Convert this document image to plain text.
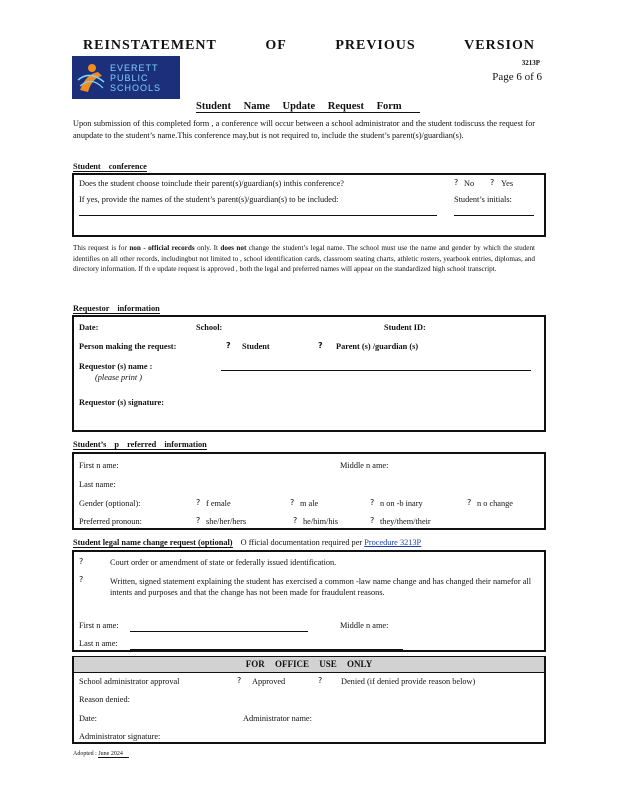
REINSTATEMENT	OF	PREVIOUS	VERSION
EVERETT
PUBLIC
SCHOOLS
3213P
Page 6 of 6
Student Name Update Request Form
Upon submission of this completed form , a conference will occur between a school administrator and the student todiscuss the request for anupdate to the student’s name.This conference may,but is not required to, include the student’s parent(s)/guardian(s).
Student conference
Does the student choose toinclude their parent(s)/guardian(s) inthis conference?	? No ? Yes
If yes, provide the names of the student’s parent(s)/guardian(s) to be included:	Student’s initials:
This request is for non - official records only. It does not change the student’s legal name. The school must use the name and gender by which the student identifies on all other records, includingbut not limited to , school identification cards, classroom seating charts, athletic rosters, yearbook entries, diplomas, and directory information. If th e update request is approved , both the legal and preferred names will appear on the standardized high school transcript.
Requestor information
Date:	School:	Student ID:
Person making the request:	? Student	? Parent (s) /guardian (s)
Requestor (s) name :
(please print )
Requestor (s) signature:
Student’s p referred information
First n ame:	Middle n ame:
Last name:
Gender (optional):	? f emale	? m ale	? n on -b inary	? n o change
Preferred pronoun:	? she/her/hers	? he/him/his	? they/them/their
Student legal name change request (optional) O fficial documentation required per Procedure 3213P
?	Court order or amendment of state or federally issued identification.
?	Written, signed statement explaining the student has exercised a common -law name change and has changed their namefor all intents and purposes and that the change has not been made for fraudulent reasons.
First n ame:	Middle n ame:
Last n ame:
FOR OFFICE USE ONLY
School administrator approval	? Approved	? Denied (if denied provide reason below)
Reason denied:
Date:	Administrator name:
Administrator signature:
Adopted : June 2024
